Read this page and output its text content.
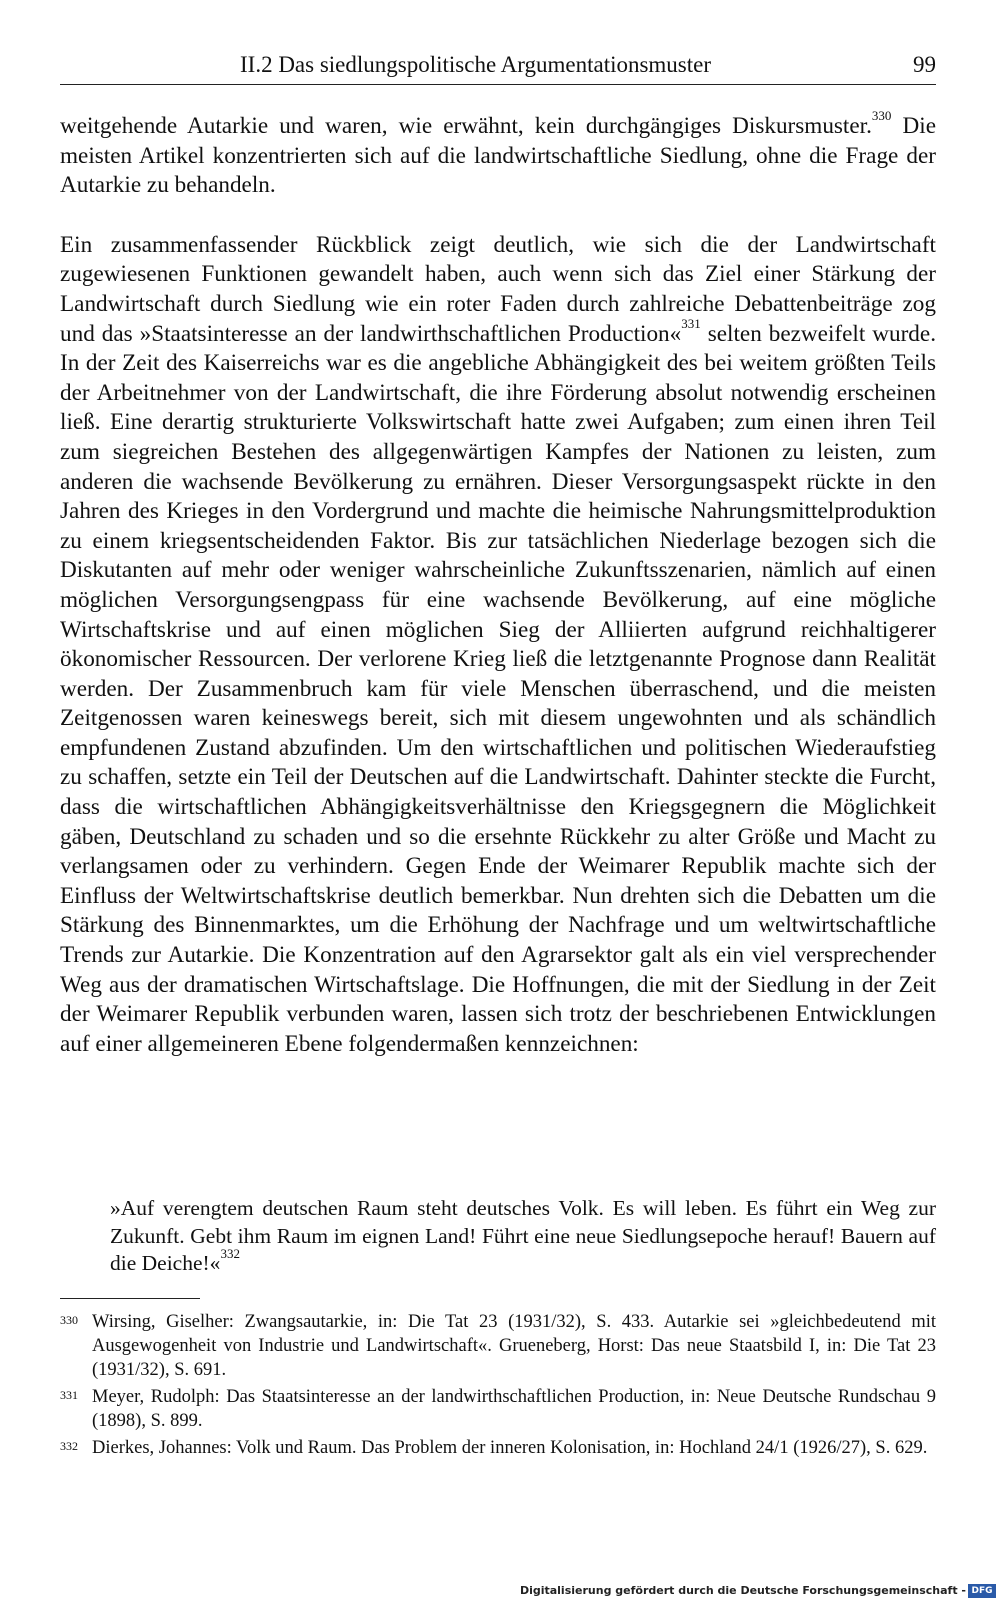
II.2 Das siedlungspolitische Argumentationsmuster	99

weitgehende Autarkie und waren, wie erwähnt, kein durchgängiges Diskursmuster.$^{330}$ Die meisten Artikel konzentrierten sich auf die landwirtschaftliche Siedlung, ohne die Frage der Autarkie zu behandeln.

Ein zusammenfassender Rückblick zeigt deutlich, wie sich die der Landwirtschaft zugewiesenen Funktionen gewandelt haben, auch wenn sich das Ziel einer Stärkung der Landwirtschaft durch Siedlung wie ein roter Faden durch zahlreiche Debattenbeiträge zog und das »Staatsinteresse an der landwirthschaftlichen Production«$^{331}$ selten bezweifelt wurde. In der Zeit des Kaiserreichs war es die angebliche Abhängigkeit des bei weitem größten Teils der Arbeitnehmer von der Landwirtschaft, die ihre Förderung absolut notwendig erscheinen ließ. Eine derartig strukturierte Volkswirtschaft hatte zwei Aufgaben; zum einen ihren Teil zum siegreichen Bestehen des allgegenwärtigen Kampfes der Nationen zu leisten, zum anderen die wachsende Bevölkerung zu ernähren. Dieser Versorgungsaspekt rückte in den Jahren des Krieges in den Vordergrund und machte die heimische Nahrungsmittelproduktion zu einem kriegsentscheidenden Faktor. Bis zur tatsächlichen Niederlage bezogen sich die Diskutanten auf mehr oder weniger wahrscheinliche Zukunftsszenarien, nämlich auf einen möglichen Versorgungsengpass für eine wachsende Bevölkerung, auf eine mögliche Wirtschaftskrise und auf einen möglichen Sieg der Alliierten aufgrund reichhaltigerer ökonomischer Ressourcen. Der verlorene Krieg ließ die letztgenannte Prognose dann Realität werden. Der Zusammenbruch kam für viele Menschen überraschend, und die meisten Zeitgenossen waren keineswegs bereit, sich mit diesem ungewohnten und als schändlich empfundenen Zustand abzufinden. Um den wirtschaftlichen und politischen Wiederaufstieg zu schaffen, setzte ein Teil der Deutschen auf die Landwirtschaft. Dahinter steckte die Furcht, dass die wirtschaftlichen Abhängigkeitsverhältnisse den Kriegsgegnern die Möglichkeit gäben, Deutschland zu schaden und so die ersehnte Rückkehr zu alter Größe und Macht zu verlangsamen oder zu verhindern. Gegen Ende der Weimarer Republik machte sich der Einfluss der Weltwirtschaftskrise deutlich bemerkbar. Nun drehten sich die Debatten um die Stärkung des Binnenmarktes, um die Erhöhung der Nachfrage und um weltwirtschaftliche Trends zur Autarkie. Die Konzentration auf den Agrarsektor galt als ein viel versprechender Weg aus der dramatischen Wirtschaftslage. Die Hoffnungen, die mit der Siedlung in der Zeit der Weimarer Republik verbunden waren, lassen sich trotz der beschriebenen Entwicklungen auf einer allgemeineren Ebene folgendermaßen kennzeichnen:

»Auf verengtem deutschen Raum steht deutsches Volk. Es will leben. Es führt ein Weg zur Zukunft. Gebt ihm Raum im eignen Land! Führt eine neue Siedlungsepoche herauf! Bauern auf die Deiche!«$^{332}$
330 Wirsing, Giselher: Zwangsautarkie, in: Die Tat 23 (1931/32), S. 433. Autarkie sei »gleichbedeutend mit Ausgewogenheit von Industrie und Landwirtschaft«. Grueneberg, Horst: Das neue Staatsbild I, in: Die Tat 23 (1931/32), S. 691.
331 Meyer, Rudolph: Das Staatsinteresse an der landwirthschaftlichen Production, in: Neue Deutsche Rundschau 9 (1898), S. 899.
332 Dierkes, Johannes: Volk und Raum. Das Problem der inneren Kolonisation, in: Hochland 24/1 (1926/27), S. 629.
Digitalisierung gefördert durch die Deutsche Forschungsgemeinschaft - DFG
